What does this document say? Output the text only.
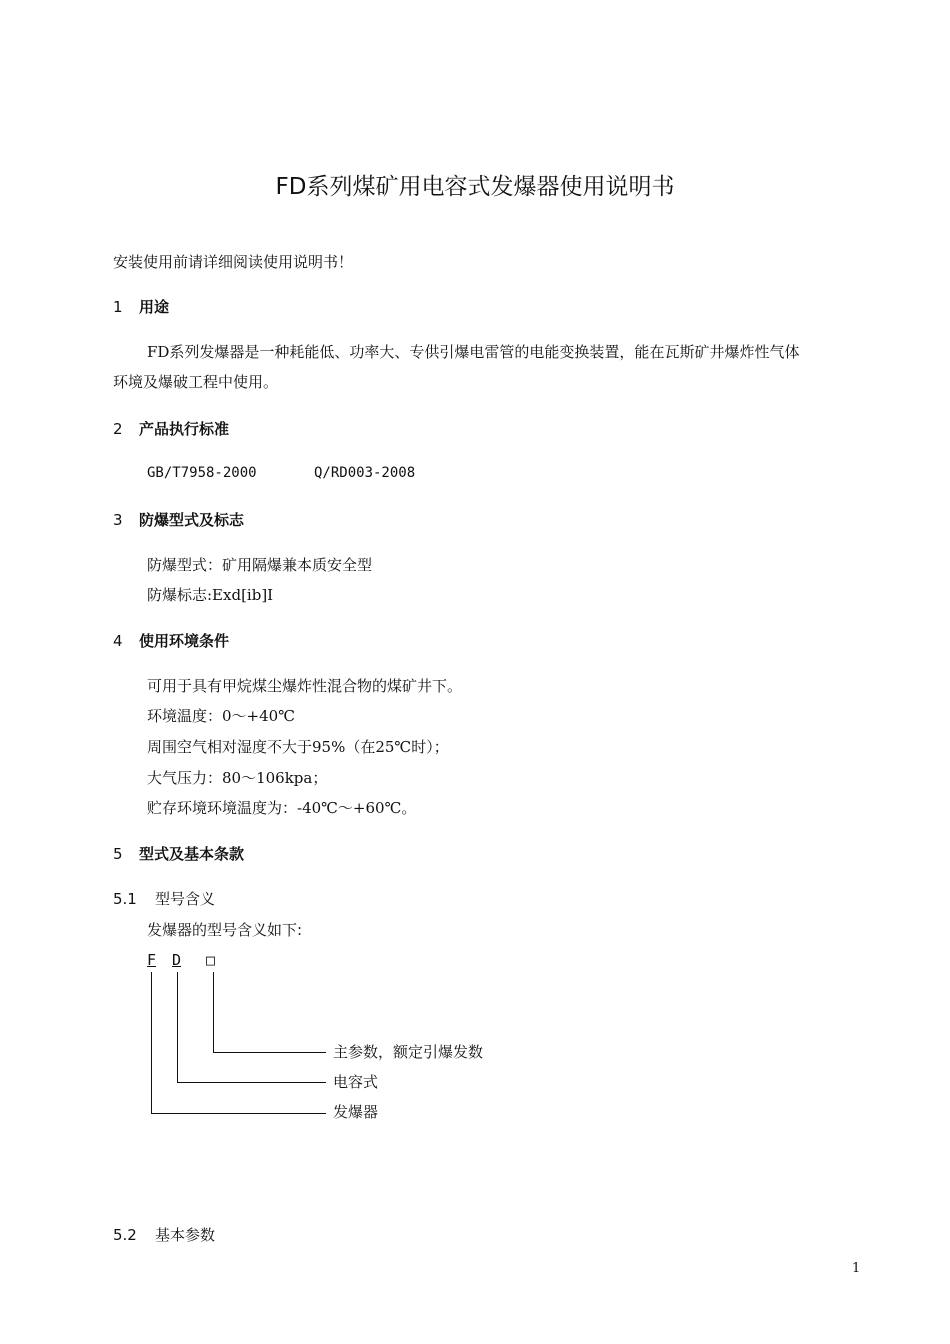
FD系列煤矿用电容式发爆器使用说明书
安装使用前请详细阅读使用说明书！
1 用途
FD系列发爆器是一种耗能低、功率大、专供引爆电雷管的电能变换装置，能在瓦斯矿井爆炸性气体
环境及爆破工程中使用。
2 产品执行标准
GB/T7958-2000	Q/RD003-2008
3 防爆型式及标志
防爆型式：矿用隔爆兼本质安全型
防爆标志:Exd[ib]I
4 使用环境条件
可用于具有甲烷煤尘爆炸性混合物的煤矿井下。
环境温度：0～+40℃
周围空气相对湿度不大于95%（在25℃时）；
大气压力：80～106kpa；
贮存环境环境温度为：-40℃～+60℃。
5 型式及基本条款
5.1 型号含义
发爆器的型号含义如下:
F D □
主参数，额定引爆发数
电容式
发爆器
5.2 基本参数
1
